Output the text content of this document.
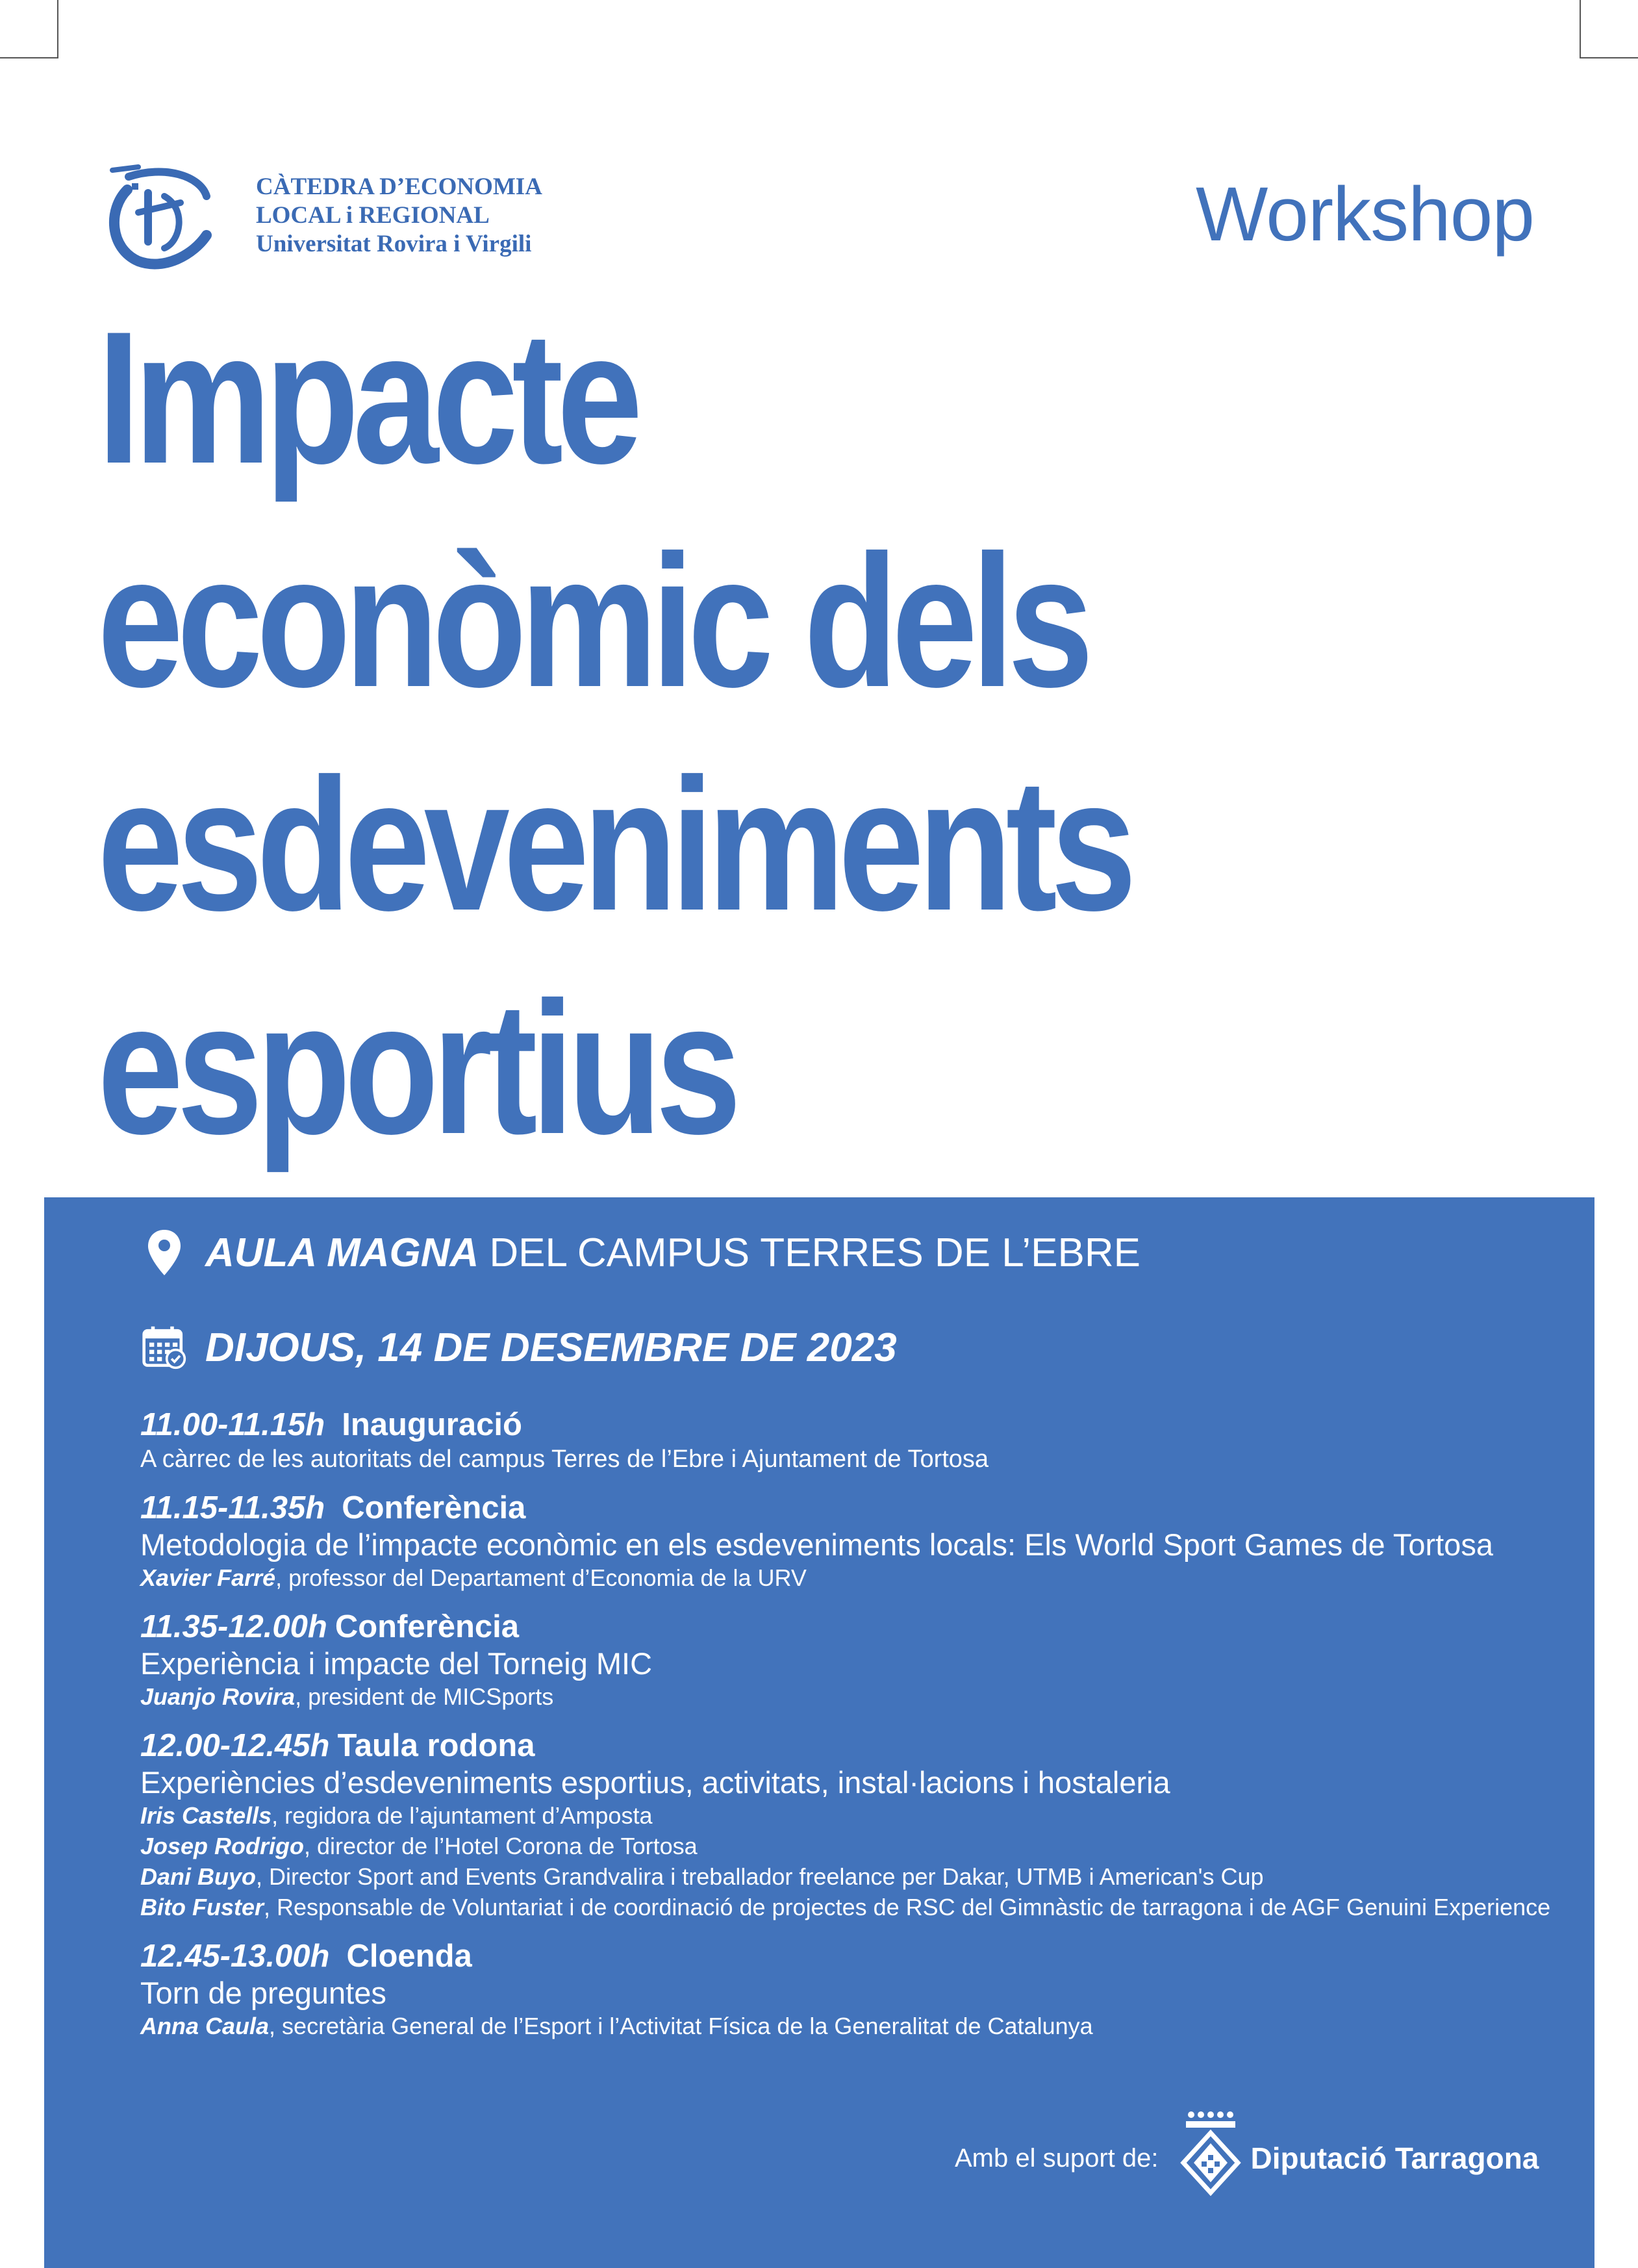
CÀTEDRA D’ECONOMIA
LOCAL i REGIONAL
Universitat Rovira i Virgili	Workshop
Impacte
econòmic dels
esdeveniments
esportius
AULA MAGNA DEL CAMPUS TERRES DE L’EBRE
DIJOUS, 14 DE DESEMBRE DE 2023
11.00-11.15h Inauguració
A càrrec de les autoritats del campus Terres de l’Ebre i Ajuntament de Tortosa
11.15-11.35h Conferència
Metodologia de l’impacte econòmic en els esdeveniments locals: Els World Sport Games de Tortosa
Xavier Farré, professor del Departament d’Economia de la URV
11.35-12.00h Conferència
Experiència i impacte del Torneig MIC
Juanjo Rovira, president de MICSports
12.00-12.45h Taula rodona
Experiències d’esdeveniments esportius, activitats, instal·lacions i hostaleria
Iris Castells, regidora de l’ajuntament d’Amposta
Josep Rodrigo, director de l’Hotel Corona de Tortosa
Dani Buyo, Director Sport and Events Grandvalira i treballador freelance per Dakar, UTMB i American's Cup
Bito Fuster, Responsable de Voluntariat i de coordinació de projectes de RSC del Gimnàstic de tarragona i de AGF Genuini Experience
12.45-13.00h Cloenda
Torn de preguntes
Anna Caula, secretària General de l’Esport i l’Activitat Física de la Generalitat de Catalunya
Amb el suport de:	Diputació Tarragona
